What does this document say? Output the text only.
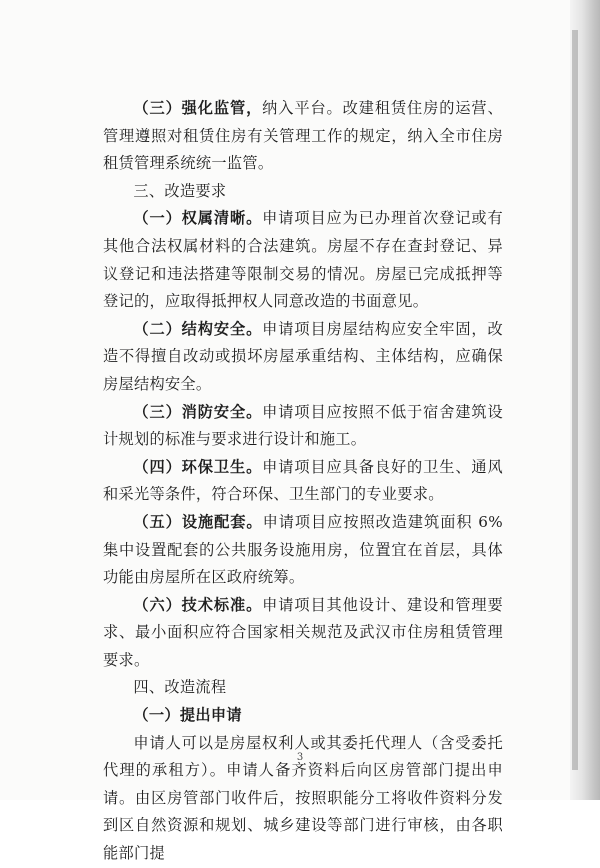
（三）强化监管，纳入平台。改建租赁住房的运营、管理遵照对租赁住房有关管理工作的规定，纳入全市住房租赁管理系统统一监管。

三、改造要求

（一）权属清晰。申请项目应为已办理首次登记或有其他合法权属材料的合法建筑。房屋不存在查封登记、异议登记和违法搭建等限制交易的情况。房屋已完成抵押等登记的，应取得抵押权人同意改造的书面意见。

（二）结构安全。申请项目房屋结构应安全牢固，改造不得擅自改动或损坏房屋承重结构、主体结构，应确保房屋结构安全。

（三）消防安全。申请项目应按照不低于宿舍建筑设计规划的标准与要求进行设计和施工。

（四）环保卫生。申请项目应具备良好的卫生、通风和采光等条件，符合环保、卫生部门的专业要求。

（五）设施配套。申请项目应按照改造建筑面积 6%集中设置配套的公共服务设施用房，位置宜在首层，具体功能由房屋所在区政府统筹。

（六）技术标准。申请项目其他设计、建设和管理要求、最小面积应符合国家相关规范及武汉市住房租赁管理要求。

四、改造流程

（一）提出申请

申请人可以是房屋权利人或其委托代理人（含受委托代理的承租方）。申请人备齐资料后向区房管部门提出申请。由区房管部门收件后，按照职能分工将收件资料分发到区自然资源和规划、城乡建设等部门进行审核，由各职能部门提

3
